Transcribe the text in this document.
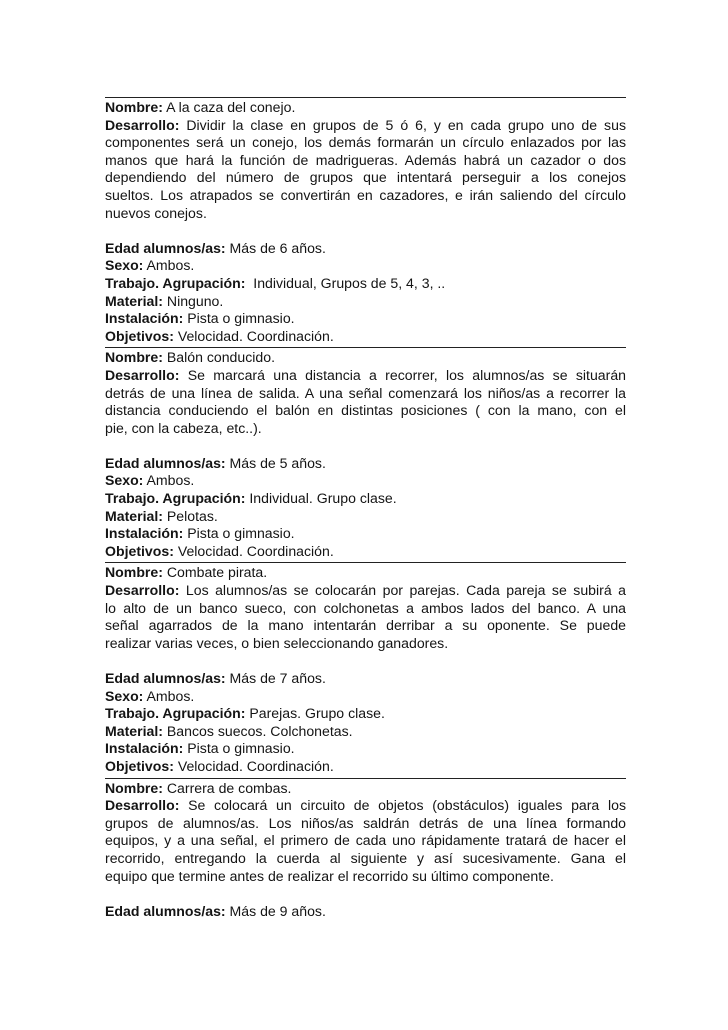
Nombre: A la caza del conejo.
Desarrollo: Dividir la clase en grupos de 5 ó 6, y en cada grupo uno de sus
componentes será un conejo, los demás formarán un círculo enlazados por las
manos que hará la función de madrigueras. Además habrá un cazador o dos
dependiendo del número de grupos que intentará perseguir a los conejos
sueltos. Los atrapados se convertirán en cazadores, e irán saliendo del círculo
nuevos conejos.
Edad alumnos/as: Más de 6 años.
Sexo: Ambos.
Trabajo. Agrupación: Individual, Grupos de 5, 4, 3, ..
Material: Ninguno.
Instalación: Pista o gimnasio.
Objetivos: Velocidad. Coordinación.
Nombre: Balón conducido.
Desarrollo: Se marcará una distancia a recorrer, los alumnos/as se situarán
detrás de una línea de salida. A una señal comenzará los niños/as a recorrer la
distancia conduciendo el balón en distintas posiciones ( con la mano, con el
pie, con la cabeza, etc..).
Edad alumnos/as: Más de 5 años.
Sexo: Ambos.
Trabajo. Agrupación: Individual. Grupo clase.
Material: Pelotas.
Instalación: Pista o gimnasio.
Objetivos: Velocidad. Coordinación.
Nombre: Combate pirata.
Desarrollo: Los alumnos/as se colocarán por parejas. Cada pareja se subirá a
lo alto de un banco sueco, con colchonetas a ambos lados del banco. A una
señal agarrados de la mano intentarán derribar a su oponente. Se puede
realizar varias veces, o bien seleccionando ganadores.
Edad alumnos/as: Más de 7 años.
Sexo: Ambos.
Trabajo. Agrupación: Parejas. Grupo clase.
Material: Bancos suecos. Colchonetas.
Instalación: Pista o gimnasio.
Objetivos: Velocidad. Coordinación.
Nombre: Carrera de combas.
Desarrollo: Se colocará un circuito de objetos (obstáculos) iguales para los
grupos de alumnos/as. Los niños/as saldrán detrás de una línea formando
equipos, y a una señal, el primero de cada uno rápidamente tratará de hacer el
recorrido, entregando la cuerda al siguiente y así sucesivamente. Gana el
equipo que termine antes de realizar el recorrido su último componente.
Edad alumnos/as: Más de 9 años.
